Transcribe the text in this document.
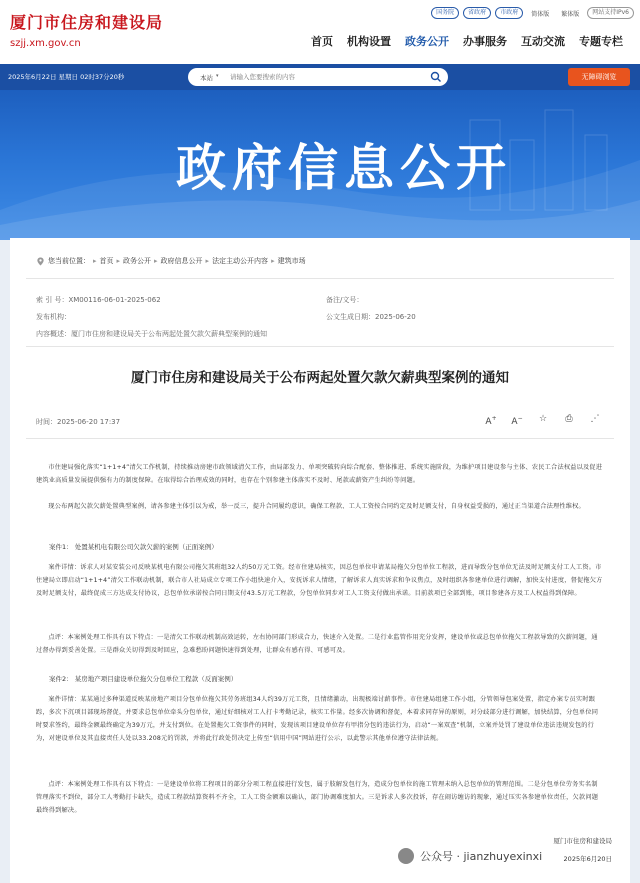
厦门市住房和建设局
szjj.xm.gov.cn
国务院	省政府	市政府	简体版	繁体版	网站支持IPv6
首页	机构设置	政务公开	办事服务	互动交流	专题专栏
2025年6月22日 星期日 02时37分20秒	本站 ▾
请输入您要搜索的内容	无障碍浏览
政府信息公开
您当前位置： ▸ 首页 ▸ 政务公开 ▸ 政府信息公开 ▸ 法定主动公开内容 ▸ 建筑市场
索 引 号：XM00116-06-01-2025-062	备注/文号：
发布机构：	公文生成日期：2025-06-20
内容概述：厦门市住房和建设局关于公布两起处置欠款欠薪典型案例的通知
厦门市住房和建设局关于公布两起处置欠款欠薪典型案例的通知
时间：2025-06-20 17:37	A+ A−	☆	⎙	⋰
市住建局强化落实“1+1+4”清欠工作机制，持续推动房建市政领域清欠工作，由局部发力、单项突破转向综合配套、整体推进、系统实施阶段，为维护项目建设参与主体、农民工合法权益以及促进建筑业高质量发展提供强有力的制度保障。在取得综合治理成效的同时，也存在个别参建主体落实不及时、尾款或薪资产生纠纷等问题。
现公布两起欠款欠薪处置典型案例，请各参建主体引以为戒，举一反三，提升合同履约意识，确保工程款、工人工资按合同约定及时足额支付，自身权益受损的，通过正当渠道合法理性维权。
案件1： 处置某机电有限公司欠款欠薪的案例（正面案例）
案件详情：诉求人对某安装公司反映某机电有限公司拖欠其班组32人约50万元工资。经市住建局核实，因总包单位申请某局拖欠分包单位工程款，进而导致分包单位无法及时足额支付工人工资。市住建局立即启动“1+1+4”清欠工作联动机制，联合市人社局成立专项工作小组快速介入，安抚诉求人情绪，了解诉求人真实诉求和争议焦点，及时组织各参建单位进行调解，加快支付进度，督促拖欠方及时足额支付，最终促成三方达成支付协议，总包单位承诺按合同日期支付43.5万元工程款，分包单位同步对工人工资支付做出承诺。目前款项已全部到账，项目参建各方及工人权益得到保障。
点评：本案例处理工作具有以下特点：一是清欠工作联动机制高效运转，左右协同部门形成合力，快速介入处置。二是行业监管作用充分发挥，建设单位或总包单位拖欠工程款导致的欠薪问题，通过督办得到妥善处置。三是群众关切得到及时回应，急难愁盼问题快速得到处理，让群众有感有得、可感可及。
案件2： 某房地产项目建设单位拖欠分包单位工程款（反面案例）
案件详情：某某通过多种渠道反映某房地产项目分包单位拖欠其劳务班组34人约39万元工资，且情绪激动，出现极端讨薪事件。市住建局组建工作小组，分管领导包案处置，指定办案专员实时跟踪，多次下沉项目部现场督促，并要求总包单位牵头分包单位，通过好细核对工人打卡考勤记录，核实工作量。经多次协调和督促，本着求同存异的原则，对分歧部分进行调解，加快结算，分包单位同时要求签约，最终金额最终确定为39万元，并支付到位。在处置拖欠工资事件的同时，发现该项目建设单位存有甲指分包的违法行为，启动“一案双查”机制，立案并处罚了建设单位违法违规发包的行为，对建设单位及其直接责任人处以33.208元的罚款，并将此行政处罚决定上传至“信用中国”网站进行公示，以此警示其他单位遵守法律法规。
点评：本案例处理工作具有以下特点：一是建设单位将工程项目的部分分项工程直接进行发包，属于肢解发包行为，造成分包单位的施工管理未纳入总包单位的管理范围。二是分包单位劳务实名制管理落实不到位，部分工人考勤打卡缺失，造成工程款结算资料不齐全，工人工资金额难以确认，部门协调难度加大。三是诉求人多次投诉，存在闹访缠访的现象，通过压实各参建单位责任，欠款问题最终得到解决。
厦门市住房和建设局
2025年6月20日
公众号 · jianzhuyexinxi
